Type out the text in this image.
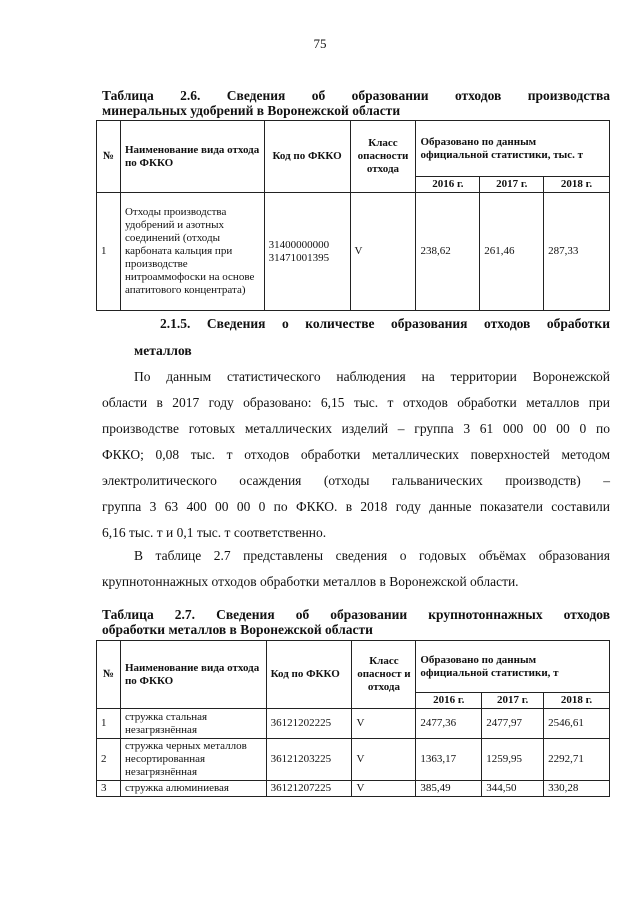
75
Таблица 2.6. Сведения об образовании отходов производства
минеральных удобрений в Воронежской области
№	Наименование вида отхода по ФККО	Код по ФККО	Класс опасности отхода	Образовано по данным официальной статистики, тыс. т		
				2016 г.	2017 г.	2018 г.
1	Отходы производства удобрений и азотных соединений (отходы карбоната кальция при производстве нитроаммофоски на основе апатитового концентрата)	31400000000 31471001395	V	238,62	261,46	287,33
2.1.5. Сведения о количестве образования отходов обработки
металлов
По данным статистического наблюдения на территории Воронежской
области в 2017 году образовано: 6,15 тыс. т отходов обработки металлов при
производстве готовых металлических изделий – группа 3 61 000 00 00 0 по
ФККО; 0,08 тыс. т отходов обработки металлических поверхностей методом
электролитического осаждения (отходы гальванических производств) –
группа 3 63 400 00 00 0 по ФККО. в 2018 году данные показатели составили
6,16 тыс. т и 0,1 тыс. т соответственно.
В таблице 2.7 представлены сведения о годовых объёмах образования
крупнотоннажных отходов обработки металлов в Воронежской области.
Таблица 2.7. Сведения об образовании крупнотоннажных отходов
обработки металлов в Воронежской области
№	Наименование вида отхода по ФККО	Код по ФККО	Класс опасност и отхода	Образовано по данным официальной статистики, т		
				2016 г.	2017 г.	2018 г.
1	стружка стальная незагрязнённая	36121202225	V	2477,36	2477,97	2546,61
2	стружка черных металлов несортированная незагрязнённая	36121203225	V	1363,17	1259,95	2292,71
3	стружка алюминиевая	36121207225	V	385,49	344,50	330,28
